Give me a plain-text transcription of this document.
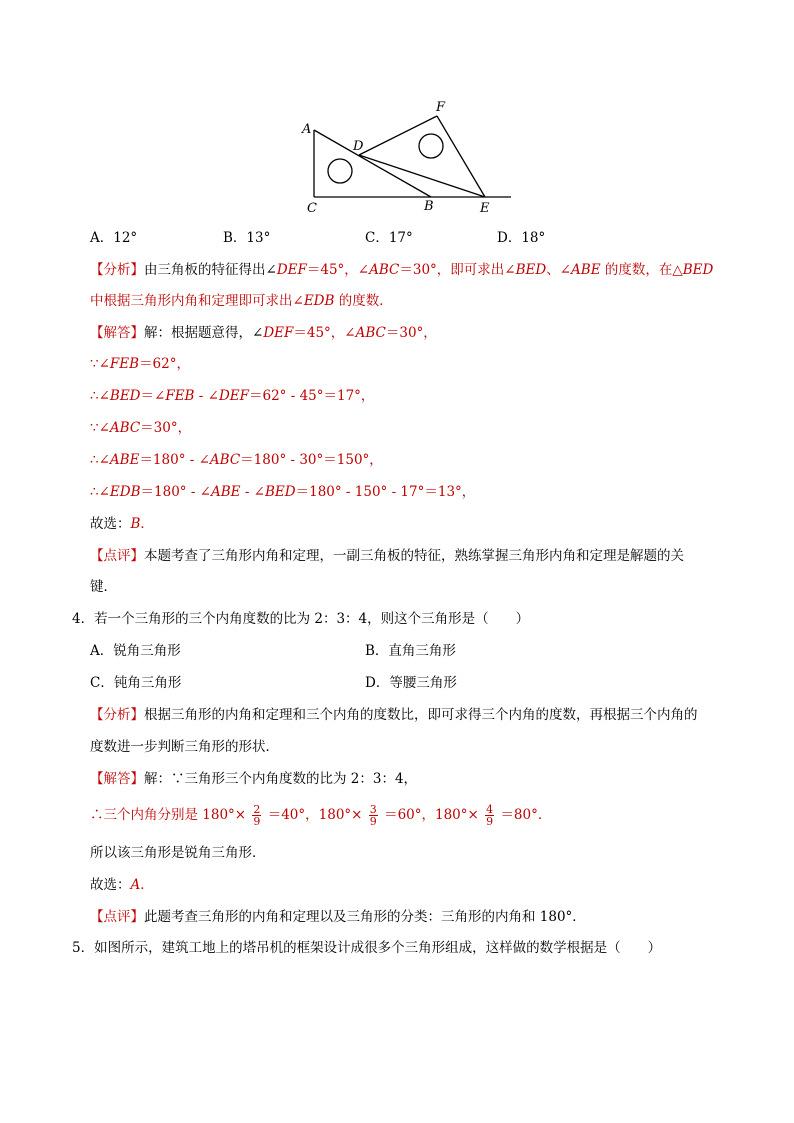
A
D
F
C	B	E
A．12°	B．13°	C．17°	D．18°
【分析】由三角板的特征得出∠DEF＝45°，∠ABC＝30°，即可求出∠BED、∠ABE 的度数，在△BED
中根据三角形内角和定理即可求出∠EDB 的度数．
【解答】解：根据题意得，∠DEF＝45°，∠ABC＝30°，
∵∠FEB＝62°，
∴∠BED＝∠FEB - ∠DEF＝62° - 45°＝17°，
∵∠ABC＝30°，
∴∠ABE＝180° - ∠ABC＝180° - 30°＝150°，
∴∠EDB＝180° - ∠ABE - ∠BED＝180° - 150° - 17°＝13°，
故选：B．
【点评】本题考查了三角形内角和定理，一副三角板的特征，熟练掌握三角形内角和定理是解题的关
键．
4．若一个三角形的三个内角度数的比为 2：3：4，则这个三角形是（　　）
A．锐角三角形	B．直角三角形
C．钝角三角形	D．等腰三角形
【分析】根据三角形的内角和定理和三个内角的度数比，即可求得三个内角的度数，再根据三个内角的
度数进一步判断三角形的形状．
【解答】解：∵三角形三个内角度数的比为 2：3：4，
∴三个内角分别是 $180^\circ\times \frac{2}{9} =40^\circ$，$180^\circ\times \frac{3}{9} =60^\circ$，$180^\circ\times \frac{4}{9} =80^\circ$．
所以该三角形是锐角三角形．
故选：A．
【点评】此题考查三角形的内角和定理以及三角形的分类：三角形的内角和 180°．
5．如图所示，建筑工地上的塔吊机的框架设计成很多个三角形组成，这样做的数学根据是（　　）
